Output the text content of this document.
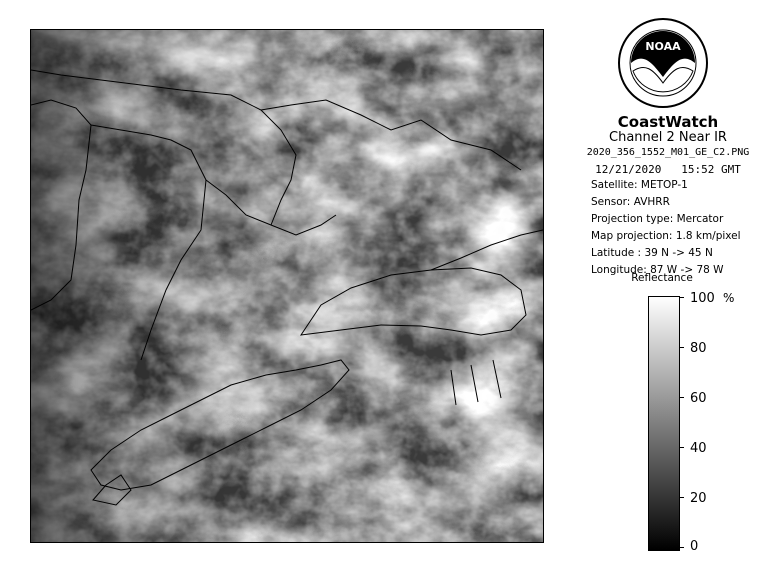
NOAA
CoastWatch
Channel 2 Near IR
2020_356_1552_M01_GE_C2.PNG
12/21/2020 15:52 GMT
Satellite: METOP-1
Sensor: AVHRR
Projection type: Mercator
Map projection: 1.8 km/pixel
Latitude : 39 N -> 45 N
Longitude: 87 W -> 78 W
Reflectance
%
100
80
60
40
20
0
